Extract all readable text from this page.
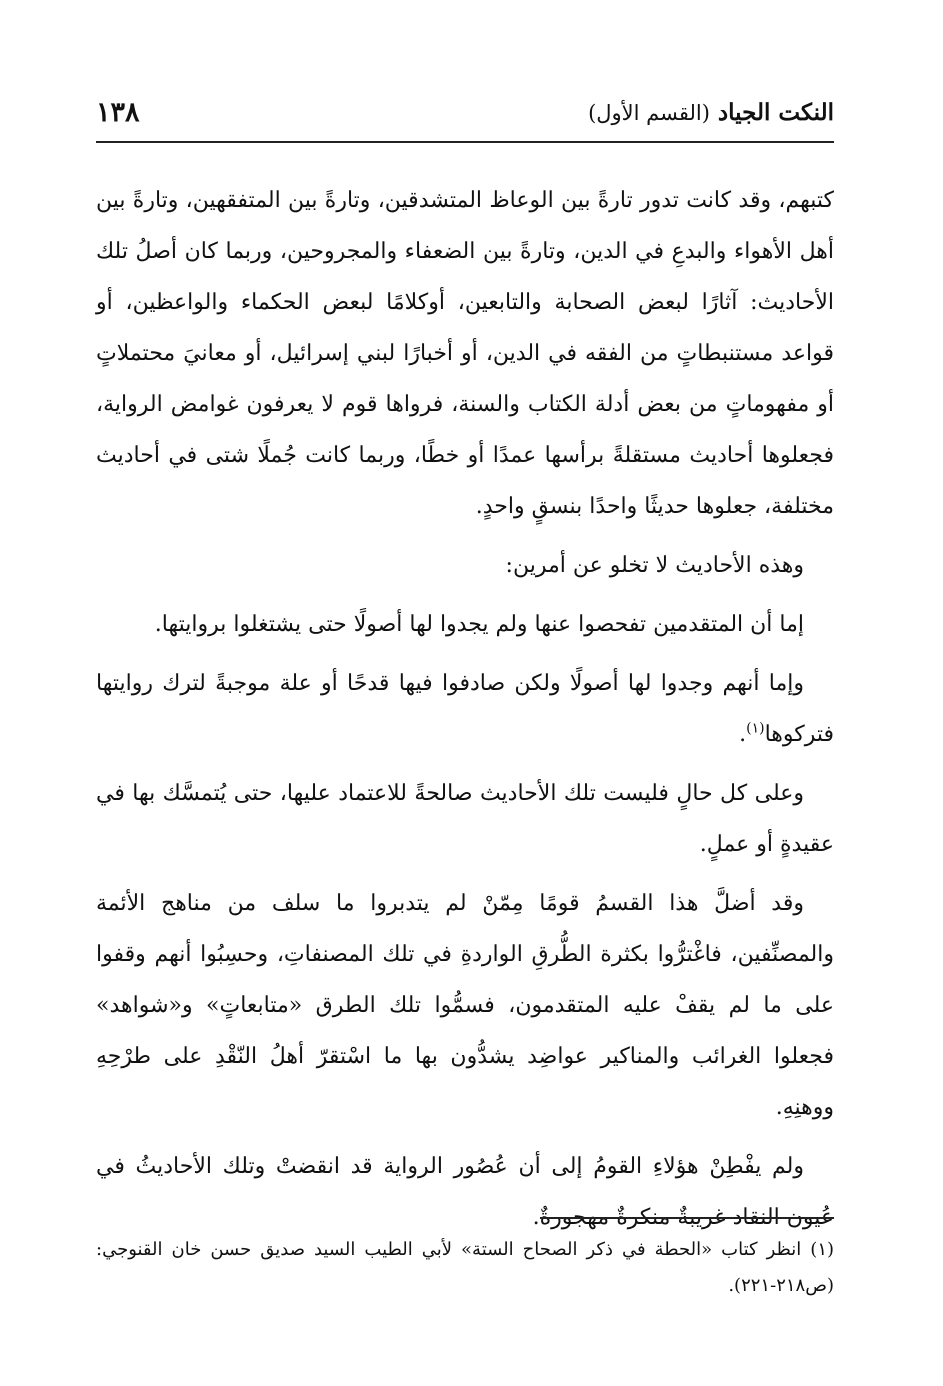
النكت الجياد (القسم الأول)
١٣٨

كتبهم، وقد كانت تدور تارةً بين الوعاظ المتشدقين، وتارةً بين المتفقهين، وتارةً بين أهل الأهواء والبدعِ في الدين، وتارةً بين الضعفاء والمجروحين، وربما كان أصلُ تلك الأحاديث: آثارًا لبعض الصحابة والتابعين، أوكلامًا لبعض الحكماء والواعظين، أو قواعد مستنبطاتٍ من الفقه في الدين، أو أخبارًا لبني إسرائيل، أو معانيَ محتملاتٍ أو مفهوماتٍ من بعض أدلة الكتاب والسنة، فرواها قوم لا يعرفون غوامض الرواية، فجعلوها أحاديث مستقلةً برأسها عمدًا أو خطًا، وربما كانت جُملًا شتى في أحاديث مختلفة، جعلوها حديثًا واحدًا بنسقٍ واحدٍ.

وهذه الأحاديث لا تخلو عن أمرين:

إما أن المتقدمين تفحصوا عنها ولم يجدوا لها أصولًا حتى يشتغلوا بروايتها.

وإما أنهم وجدوا لها أصولًا ولكن صادفوا فيها قدحًا أو علة موجبةً لترك روايتها فتركوها$^{(١)}$.

وعلى كل حالٍ فليست تلك الأحاديث صالحةً للاعتماد عليها، حتى يُتمسَّك بها في عقيدةٍ أو عملٍ.

وقد أضلَّ هذا القسمُ قومًا مِمّنْ لم يتدبروا ما سلف من مناهج الأئمة والمصنِّفين، فاغْترُّوا بكثرة الطُّرقِ الواردةِ في تلك المصنفاتِ، وحسِبُوا أنهم وقفوا على ما لم يقفْ عليه المتقدمون، فسمُّوا تلك الطرق «متابعاتٍ» و«شواهد» فجعلوا الغرائب والمناكير عواضِد يشدُّون بها ما اسْتقرّ أهلُ النّقْدِ على طرْحِهِ ووهنِهِ.

ولم يفْطِنْ هؤلاءِ القومُ إلى أن عُصُور الرواية قد انقضتْ وتلك الأحاديثُ في عُيون النقاد غريبةٌ منكرةٌ مهجورةٌ.

(١) انظر كتاب «الحطة في ذكر الصحاح الستة» لأبي الطيب السيد صديق حسن خان القنوجي: (ص٢١٨-٢٢١).
